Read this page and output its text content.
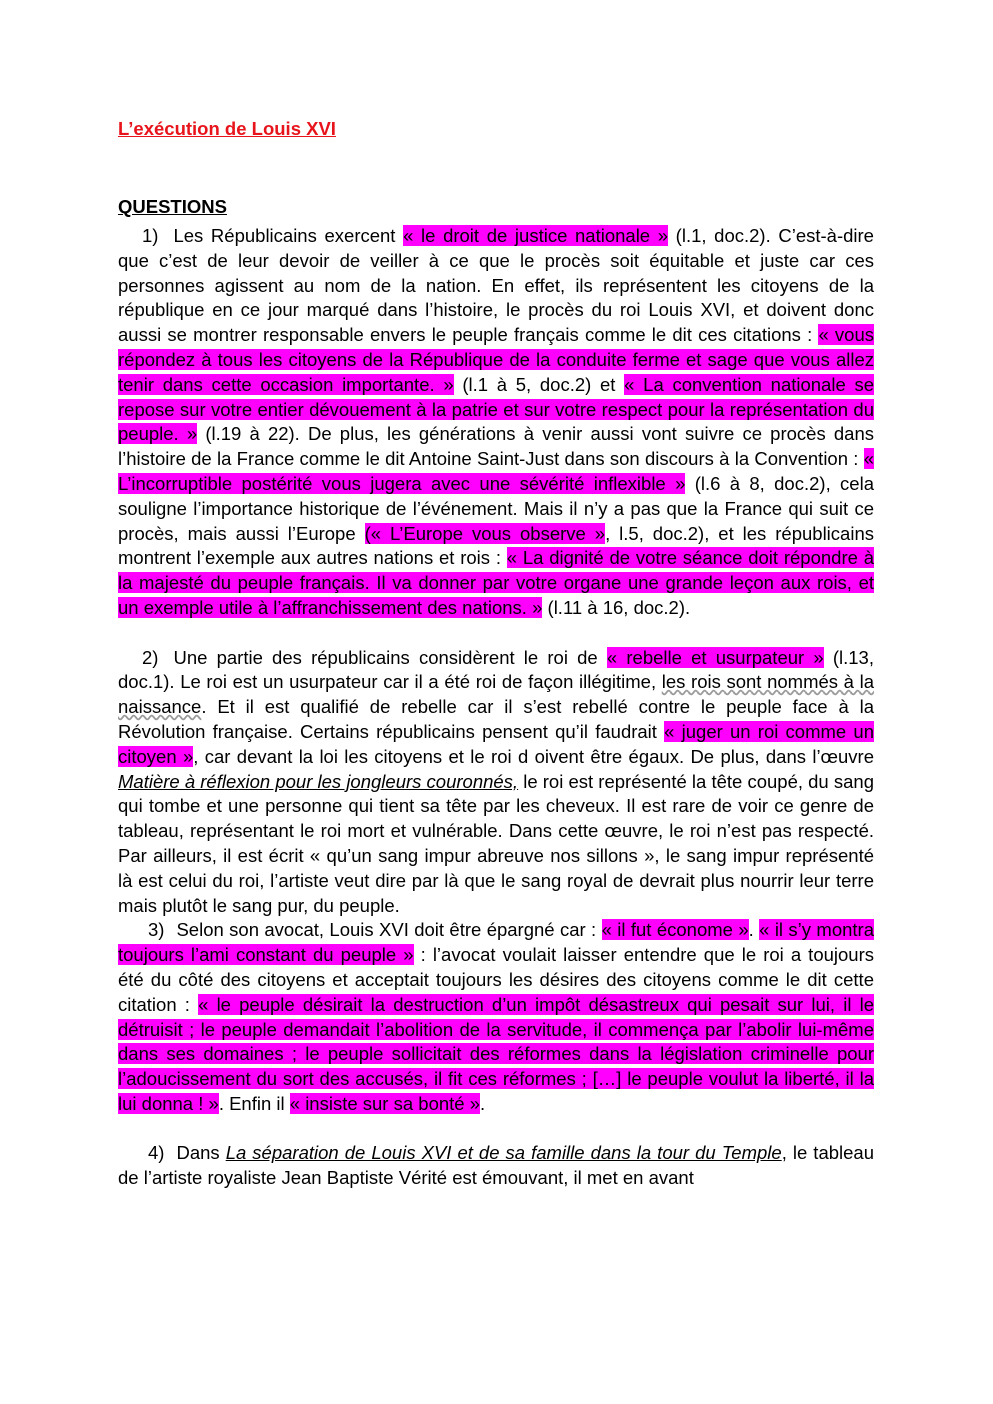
L’exécution de Louis XVI
QUESTIONS

1) Les Républicains exercent « le droit de justice nationale » (l.1, doc.2). C’est-à-dire que c’est de leur devoir de veiller à ce que le procès soit équitable et juste car ces personnes agissent au nom de la nation. En effet, ils représentent les citoyens de la république en ce jour marqué dans l’histoire, le procès du roi Louis XVI, et doivent donc aussi se montrer responsable envers le peuple français comme le dit ces citations : « vous répondez à tous les citoyens de la République de la conduite ferme et sage que vous allez tenir dans cette occasion importante. » (l.1 à 5, doc.2) et « La convention nationale se repose sur votre entier dévouement à la patrie et sur votre respect pour la représentation du peuple. » (l.19 à 22). De plus, les générations à venir aussi vont suivre ce procès dans l’histoire de la France comme le dit Antoine Saint-Just dans son discours à la Convention : « L’incorruptible postérité vous jugera avec une sévérité inflexible » (l.6 à 8, doc.2), cela souligne l’importance historique de l’événement. Mais il n’y a pas que la France qui suit ce procès, mais aussi l’Europe (« L’Europe vous observe », l.5, doc.2), et les républicains montrent l’exemple aux autres nations et rois : « La dignité de votre séance doit répondre à la majesté du peuple français. Il va donner par votre organe une grande leçon aux rois, et un exemple utile à l’affranchissement des nations. » (l.11 à 16, doc.2).

2) Une partie des républicains considèrent le roi de « rebelle et usurpateur » (l.13, doc.1). Le roi est un usurpateur car il a été roi de façon illégitime, les rois sont nommés à la naissance. Et il est qualifié de rebelle car il s’est rebellé contre le peuple face à la Révolution française. Certains républicains pensent qu’il faudrait « juger un roi comme un citoyen », car devant la loi les citoyens et le roi d oivent être égaux. De plus, dans l’œuvre Matière à réflexion pour les jongleurs couronnés, le roi est représenté la tête coupé, du sang qui tombe et une personne qui tient sa tête par les cheveux. Il est rare de voir ce genre de tableau, représentant le roi mort et vulnérable. Dans cette œuvre, le roi n’est pas respecté. Par ailleurs, il est écrit « qu’un sang impur abreuve nos sillons », le sang impur représenté là est celui du roi, l’artiste veut dire par là que le sang royal de devrait plus nourrir leur terre mais plutôt le sang pur, du peuple.

3) Selon son avocat, Louis XVI doit être épargné car : « il fut économe ». « il s’y montra toujours l’ami constant du peuple » : l’avocat voulait laisser entendre que le roi a toujours été du côté des citoyens et acceptait toujours les désires des citoyens comme le dit cette citation : « le peuple désirait la destruction d’un impôt désastreux qui pesait sur lui, il le détruisit ; le peuple demandait l’abolition de la servitude, il commença par l’abolir lui-même dans ses domaines ; le peuple sollicitait des réformes dans la législation criminelle pour l’adoucissement du sort des accusés, il fit ces réformes ; […] le peuple voulut la liberté, il la lui donna ! ». Enfin il « insiste sur sa bonté ».

4) Dans La séparation de Louis XVI et de sa famille dans la tour du Temple, le tableau de l’artiste royaliste Jean Baptiste Vérité est émouvant, il met en avant
